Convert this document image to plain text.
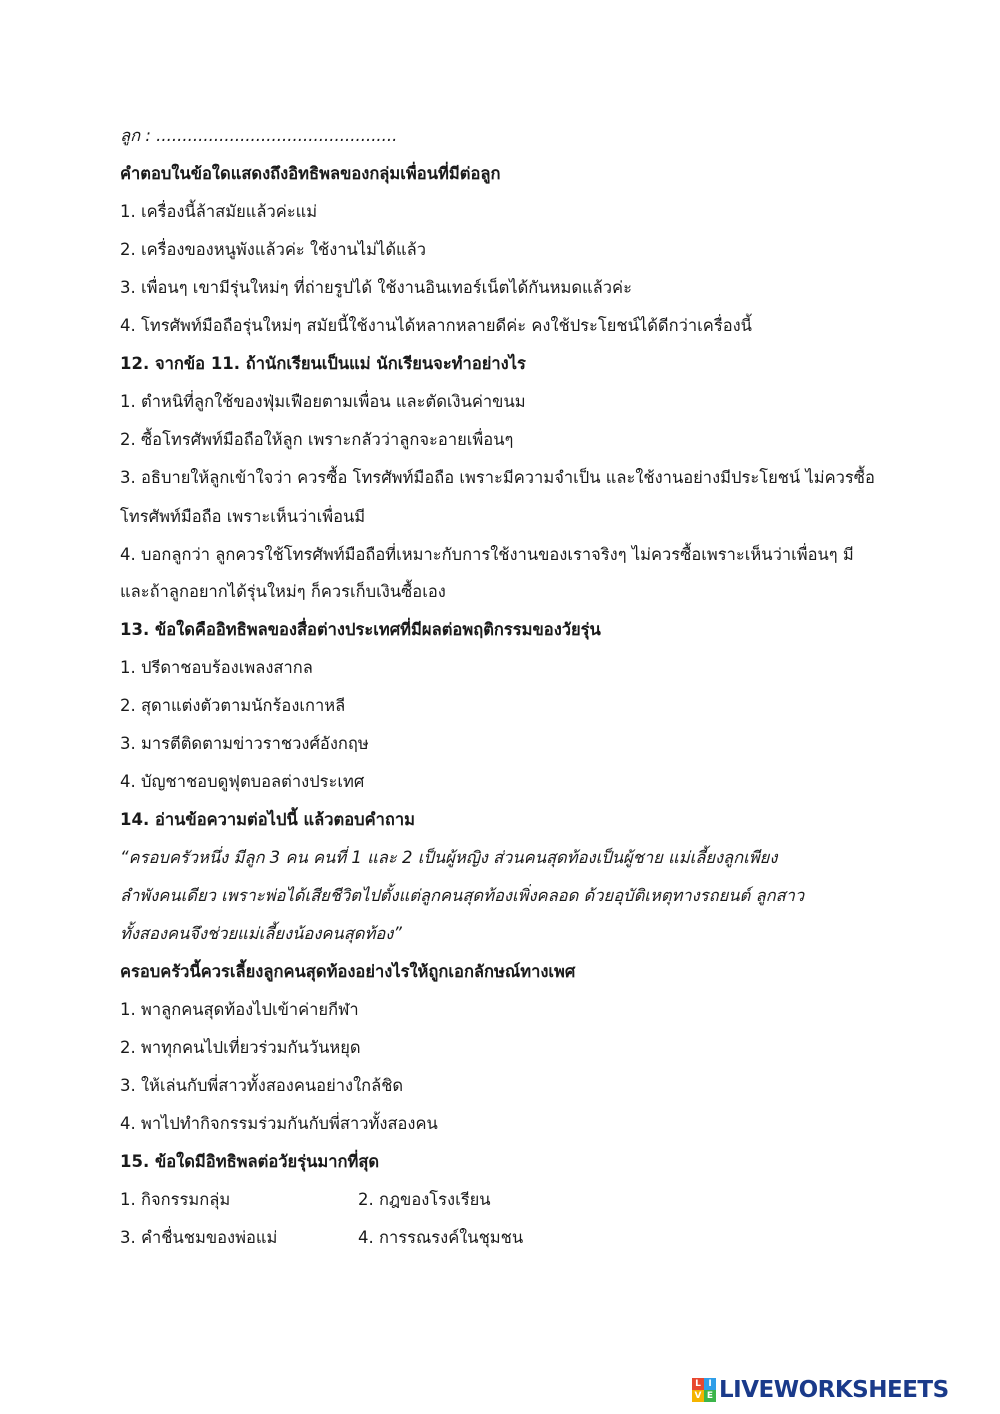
ลูก : ..............................................
คำตอบในข้อใดแสดงถึงอิทธิพลของกลุ่มเพื่อนที่มีต่อลูก
1. เครื่องนี้ล้าสมัยแล้วค่ะแม่
2. เครื่องของหนูพังแล้วค่ะ ใช้งานไม่ได้แล้ว
3. เพื่อนๆ เขามีรุ่นใหม่ๆ ที่ถ่ายรูปได้ ใช้งานอินเทอร์เน็ตได้กันหมดแล้วค่ะ
4. โทรศัพท์มือถือรุ่นใหม่ๆ สมัยนี้ใช้งานได้หลากหลายดีค่ะ คงใช้ประโยชน์ได้ดีกว่าเครื่องนี้
12. จากข้อ 11. ถ้านักเรียนเป็นแม่ นักเรียนจะทำอย่างไร
1. ตำหนิที่ลูกใช้ของฟุ่มเฟือยตามเพื่อน และตัดเงินค่าขนม
2. ซื้อโทรศัพท์มือถือให้ลูก เพราะกลัวว่าลูกจะอายเพื่อนๆ
3. อธิบายให้ลูกเข้าใจว่า ควรซื้อ โทรศัพท์มือถือ เพราะมีความจำเป็น และใช้งานอย่างมีประโยชน์ ไม่ควรซื้อ
โทรศัพท์มือถือ เพราะเห็นว่าเพื่อนมี
4. บอกลูกว่า ลูกควรใช้โทรศัพท์มือถือที่เหมาะกับการใช้งานของเราจริงๆ ไม่ควรซื้อเพราะเห็นว่าเพื่อนๆ มี
และถ้าลูกอยากได้รุ่นใหม่ๆ ก็ควรเก็บเงินซื้อเอง
13. ข้อใดคืออิทธิพลของสื่อต่างประเทศที่มีผลต่อพฤติกรรมของวัยรุ่น
1. ปรีดาชอบร้องเพลงสากล
2. สุดาแต่งตัวตามนักร้องเกาหลี
3. มารตีติดตามข่าวราชวงศ์อังกฤษ
4. บัญชาชอบดูฟุตบอลต่างประเทศ
14. อ่านข้อความต่อไปนี้ แล้วตอบคำถาม
“ครอบครัวหนึ่ง มีลูก 3 คน คนที่ 1 และ 2 เป็นผู้หญิง ส่วนคนสุดท้องเป็นผู้ชาย แม่เลี้ยงลูกเพียง
ลำพังคนเดียว เพราะพ่อได้เสียชีวิตไปตั้งแต่ลูกคนสุดท้องเพิ่งคลอด ด้วยอุบัติเหตุทางรถยนต์ ลูกสาว
ทั้งสองคนจึงช่วยแม่เลี้ยงน้องคนสุดท้อง”
ครอบครัวนี้ควรเลี้ยงลูกคนสุดท้องอย่างไรให้ถูกเอกลักษณ์ทางเพศ
1. พาลูกคนสุดท้องไปเข้าค่ายกีฬา
2. พาทุกคนไปเที่ยวร่วมกันวันหยุด
3. ให้เล่นกับพี่สาวทั้งสองคนอย่างใกล้ชิด
4. พาไปทำกิจกรรมร่วมกันกับพี่สาวทั้งสองคน
15. ข้อใดมีอิทธิพลต่อวัยรุ่นมากที่สุด
1. กิจกรรมกลุ่ม	2. กฎของโรงเรียน
3. คำชื่นชมของพ่อแม่	4. การรณรงค์ในชุมชน
L I
V E LIVEWORKSHEETS
